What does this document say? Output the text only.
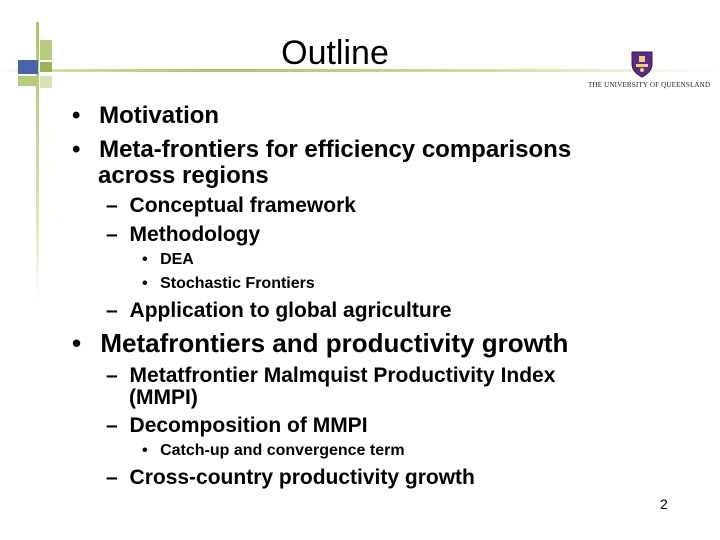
Outline
THE UNIVERSITY OF QUEENSLAND
• Motivation
• Meta-frontiers for efficiency comparisons
across regions
– Conceptual framework
– Methodology
• DEA
• Stochastic Frontiers
– Application to global agriculture
• Metafrontiers and productivity growth
– Metatfrontier Malmquist Productivity Index
(MMPI)
– Decomposition of MMPI
• Catch-up and convergence term
– Cross-country productivity growth
2
